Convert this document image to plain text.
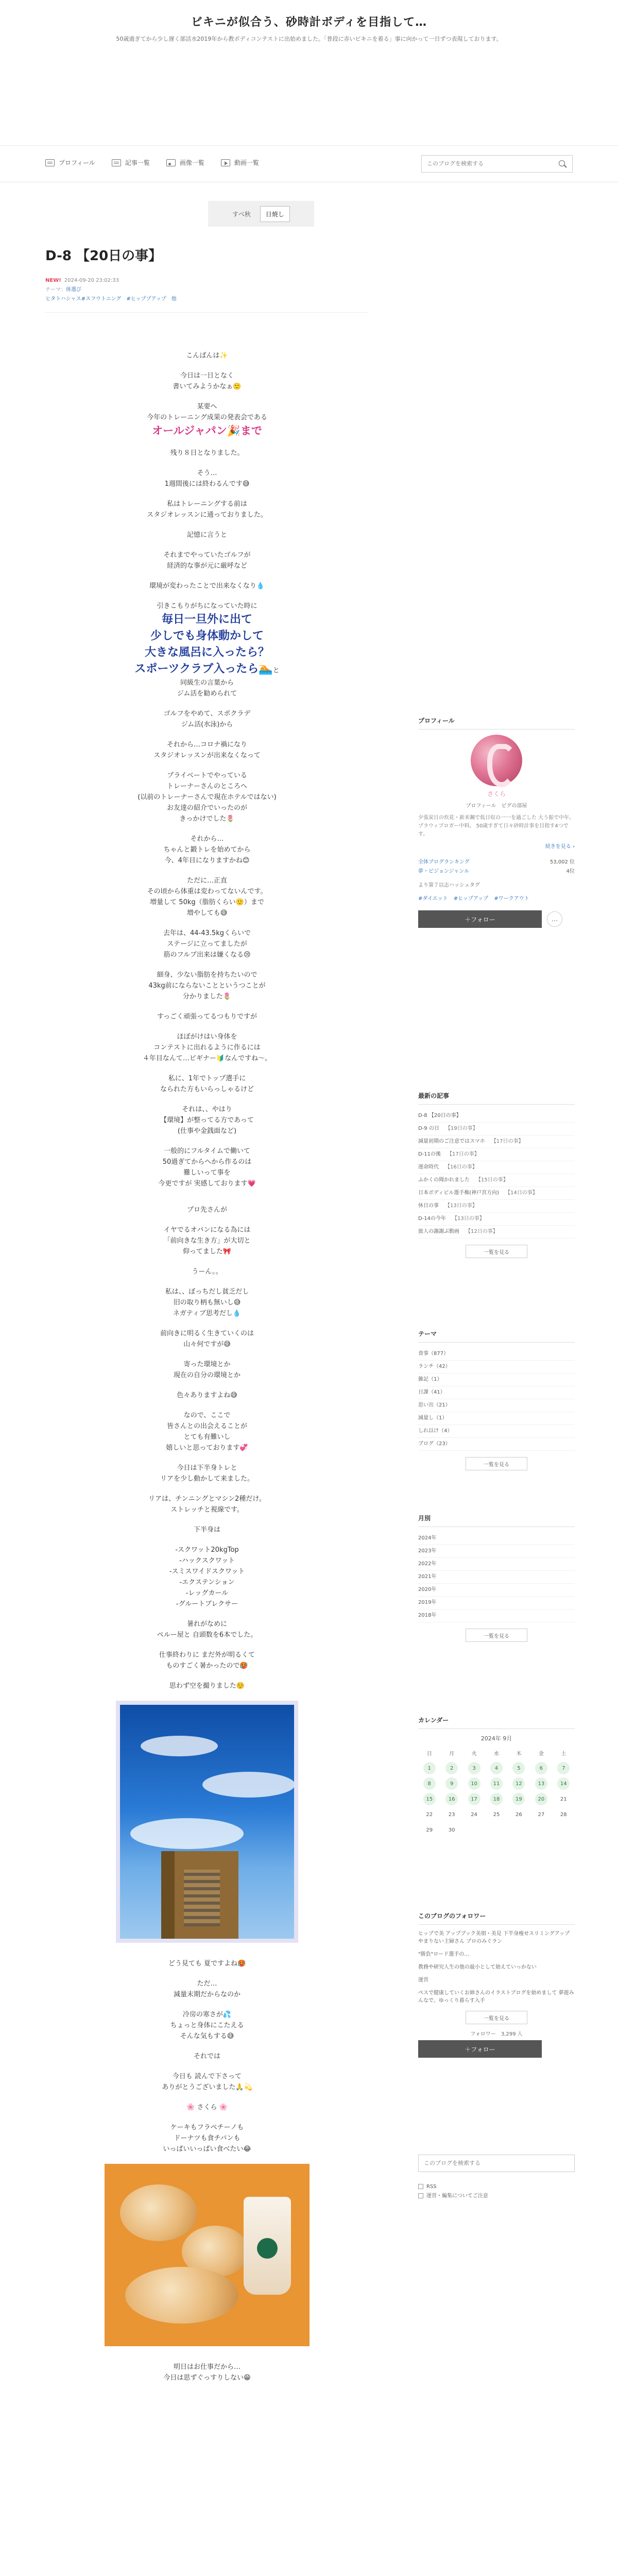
ビキニが似合う、砂時計ボディを目指して…
50歳過ぎてから少し遅く部活水2019年から教ボディコンテストに出始めました。「普段に赤いビキニを着る」事に向かって一日ずつ表現しております。
プロフィール	記事一覧	画像一覧	動画一覧
このブログを検索する
すべ秋	日焼し
D-8 【20日の事】
NEW! 2024-09-20 23:02:33
テーマ：体選び
ヒタトハシャス#スフウトニング　#ヒッププアップ　他
こんばんは✨
今日は一日となく
書いてみようかなぁ🙂
某要へ
今年のトレーニング成果の発表会である
オールジャパン🎉まで
残り８日となりました。
そう…
1週間後には終わるんです😅
私はトレーニングする前は
スタジオレッスンに通っておりました。
記憶に言うと
それまでやっていたゴルフが
経済的な事が元に厳呼など
環境が変わったことで出来なくなり💧
引きこもりがちになっていた時に
毎日一旦外に出て
少しでも身体動かして
大きな風呂に入ったら？
スポーツクラブ入ったら🏊と
同級生の言葉から
ジム活を勧められて
ゴルフをやめて、スポクラデ
ジム活(水泳)から
それから…コロナ禍になり
スタジオレッスンが出来なくなって
プライベートでやっている
トレーナーさんのところへ
(以前のトレーナーさんで現在ホテルではない)
お友達の紹介でいったのが
きっかけでした🌷
それから…
ちゃんと鍛トレを始めてから
今、4年目になりますかね😊
ただに…正直
その頃から体重は変わってないんです。
増量して 50kg（脂肪くらい🙂）まで
増やしても😅
去年は、44-43.5kgくらいで
ステージに立ってましたが
筋のフルブ出来は嫌くなる😢
細身、少ない脂肪を持ちたいので
43kg前にならないことというつことが
分かりました🌷
すっごく頑張ってるつもりですが
ほぼがけはい身体を
コンテストに出れるように作るには
４年目なんて…ビギナー🔰なんですね〜。
私に、1年でトップ選手に
なられた方もいらっしゃるけど
それは、、やはり
【環境】が整ってる方であって
(仕事や金銭面など)
一般的にフルタイムで働いて
50過ぎてからへから作るのは
難しいって事を
今更ですが 実感しております💗
プロ先さんが
イヤでるオバンになる為には
「前向きな生き方」が大切と
仰ってました🎀
うーん。。
私は、、ぼっちだし貧乏だし
旧の取り柄も無いし😅
ネガティブ思考だし💧
前向きに明るく生きていくのは
山々何ですが😅
寄った環境とか
現在の自分の環境とか
色々ありますよね😅
なので、ここで
皆さんとの出会えることが
とても有難いし
嬉しいと思っております💞
今日は下半身トレと
リアを少し動かして来ました。
リアは、チンニングとマシン2種だけ。
ストレッチと視線です。
下半身は
-スクワット20kgTop
-ハックスクワット
-スミスワイドスクワット
-エクステンション
-レッグカール
-グルートブレクサー
暑れがなめに
ペルー屋と 自頭数を6本でした。
仕事終わりに まだ外が明るくて
ものすごく暑かったので🥵
思わず空を撮りました☺️
どう見ても 夏ですよね🥵
ただ…
減量末期だからなのか
冷房の寒さが💦
ちょっと身体にこたえる
そんな気もする😅
それでは
今日も 読んで下さって
ありがとうございました🙏💫
🌸 さくら 🌸
ケーキもフラペチーノも
ドーナツも食チパンも
いっぱいいっぱい食べたい😂
明日はお仕事だから…
今日は思ずぐっすりしない😁
プロフィール
さくら
プロフィール　ピグの部屋
夕張炭日の炊花・新米鋼で低日収の一一を過ごした 大う振で中年、プラウィブロガー中料。 50歳すぎて日々砂時計事を目指す4つです。
続きを見る ›
全体ブログランキング	53,002 位
夢・ビジョンジャンル	4位
より第７以志ハッシュタグ
#ダイエット #ヒップアップ #ワークアウト
＋フォロー	…
最新の記事
D-8 【20日の事】
D-9 の日 【19日の事】
減量初期のご注意ではスマホ 【17日の事】
D-11の後 【17日の事】
運命時代 【16日の事】
ふかくの聞かれました 【15日の事】
日本ボディビル選手権(神戸宮方向) 【14日の事】
休日の事 【13日の事】
D-14の今年 【13日の事】
旅人の謝謝ぶ動画 【12日の事】
一覧を見る
テーマ
食事（877）
ランチ（42）
雑記（1）
日課（41）
思い出（21）
減量し（1）
しれ以け（4）
ブログ（23）
一覧を見る
月別
2024年
2023年
2022年
2021年
2020年
2019年
2018年
一覧を見る
カレンダー
2024年 9月
日	月	火	水	木	金	土
1	2	3	4	5	6	7
8	9	10	11	12	13	14
15	16	17	18	19	20	21
22	23	24	25	26	27	28
29	30
このブログのフォロワー
ヒップで美 アップブック美朋・美見 下半身痩せスリミングアップやまりない主婦さん プロのみぐラン
"勝負"ロード選手の…
教務や研究人生の他の最小として始えていっかない
運営
ペスで健康していくお姉さんのイラストブログを始めまして 夢遊みんなで、ゆっくり暮らす入手
一覧を見る
フォロワー　3,299 人
＋フォロー
このブログを検索する
RSS
運営・編集についてご注意
